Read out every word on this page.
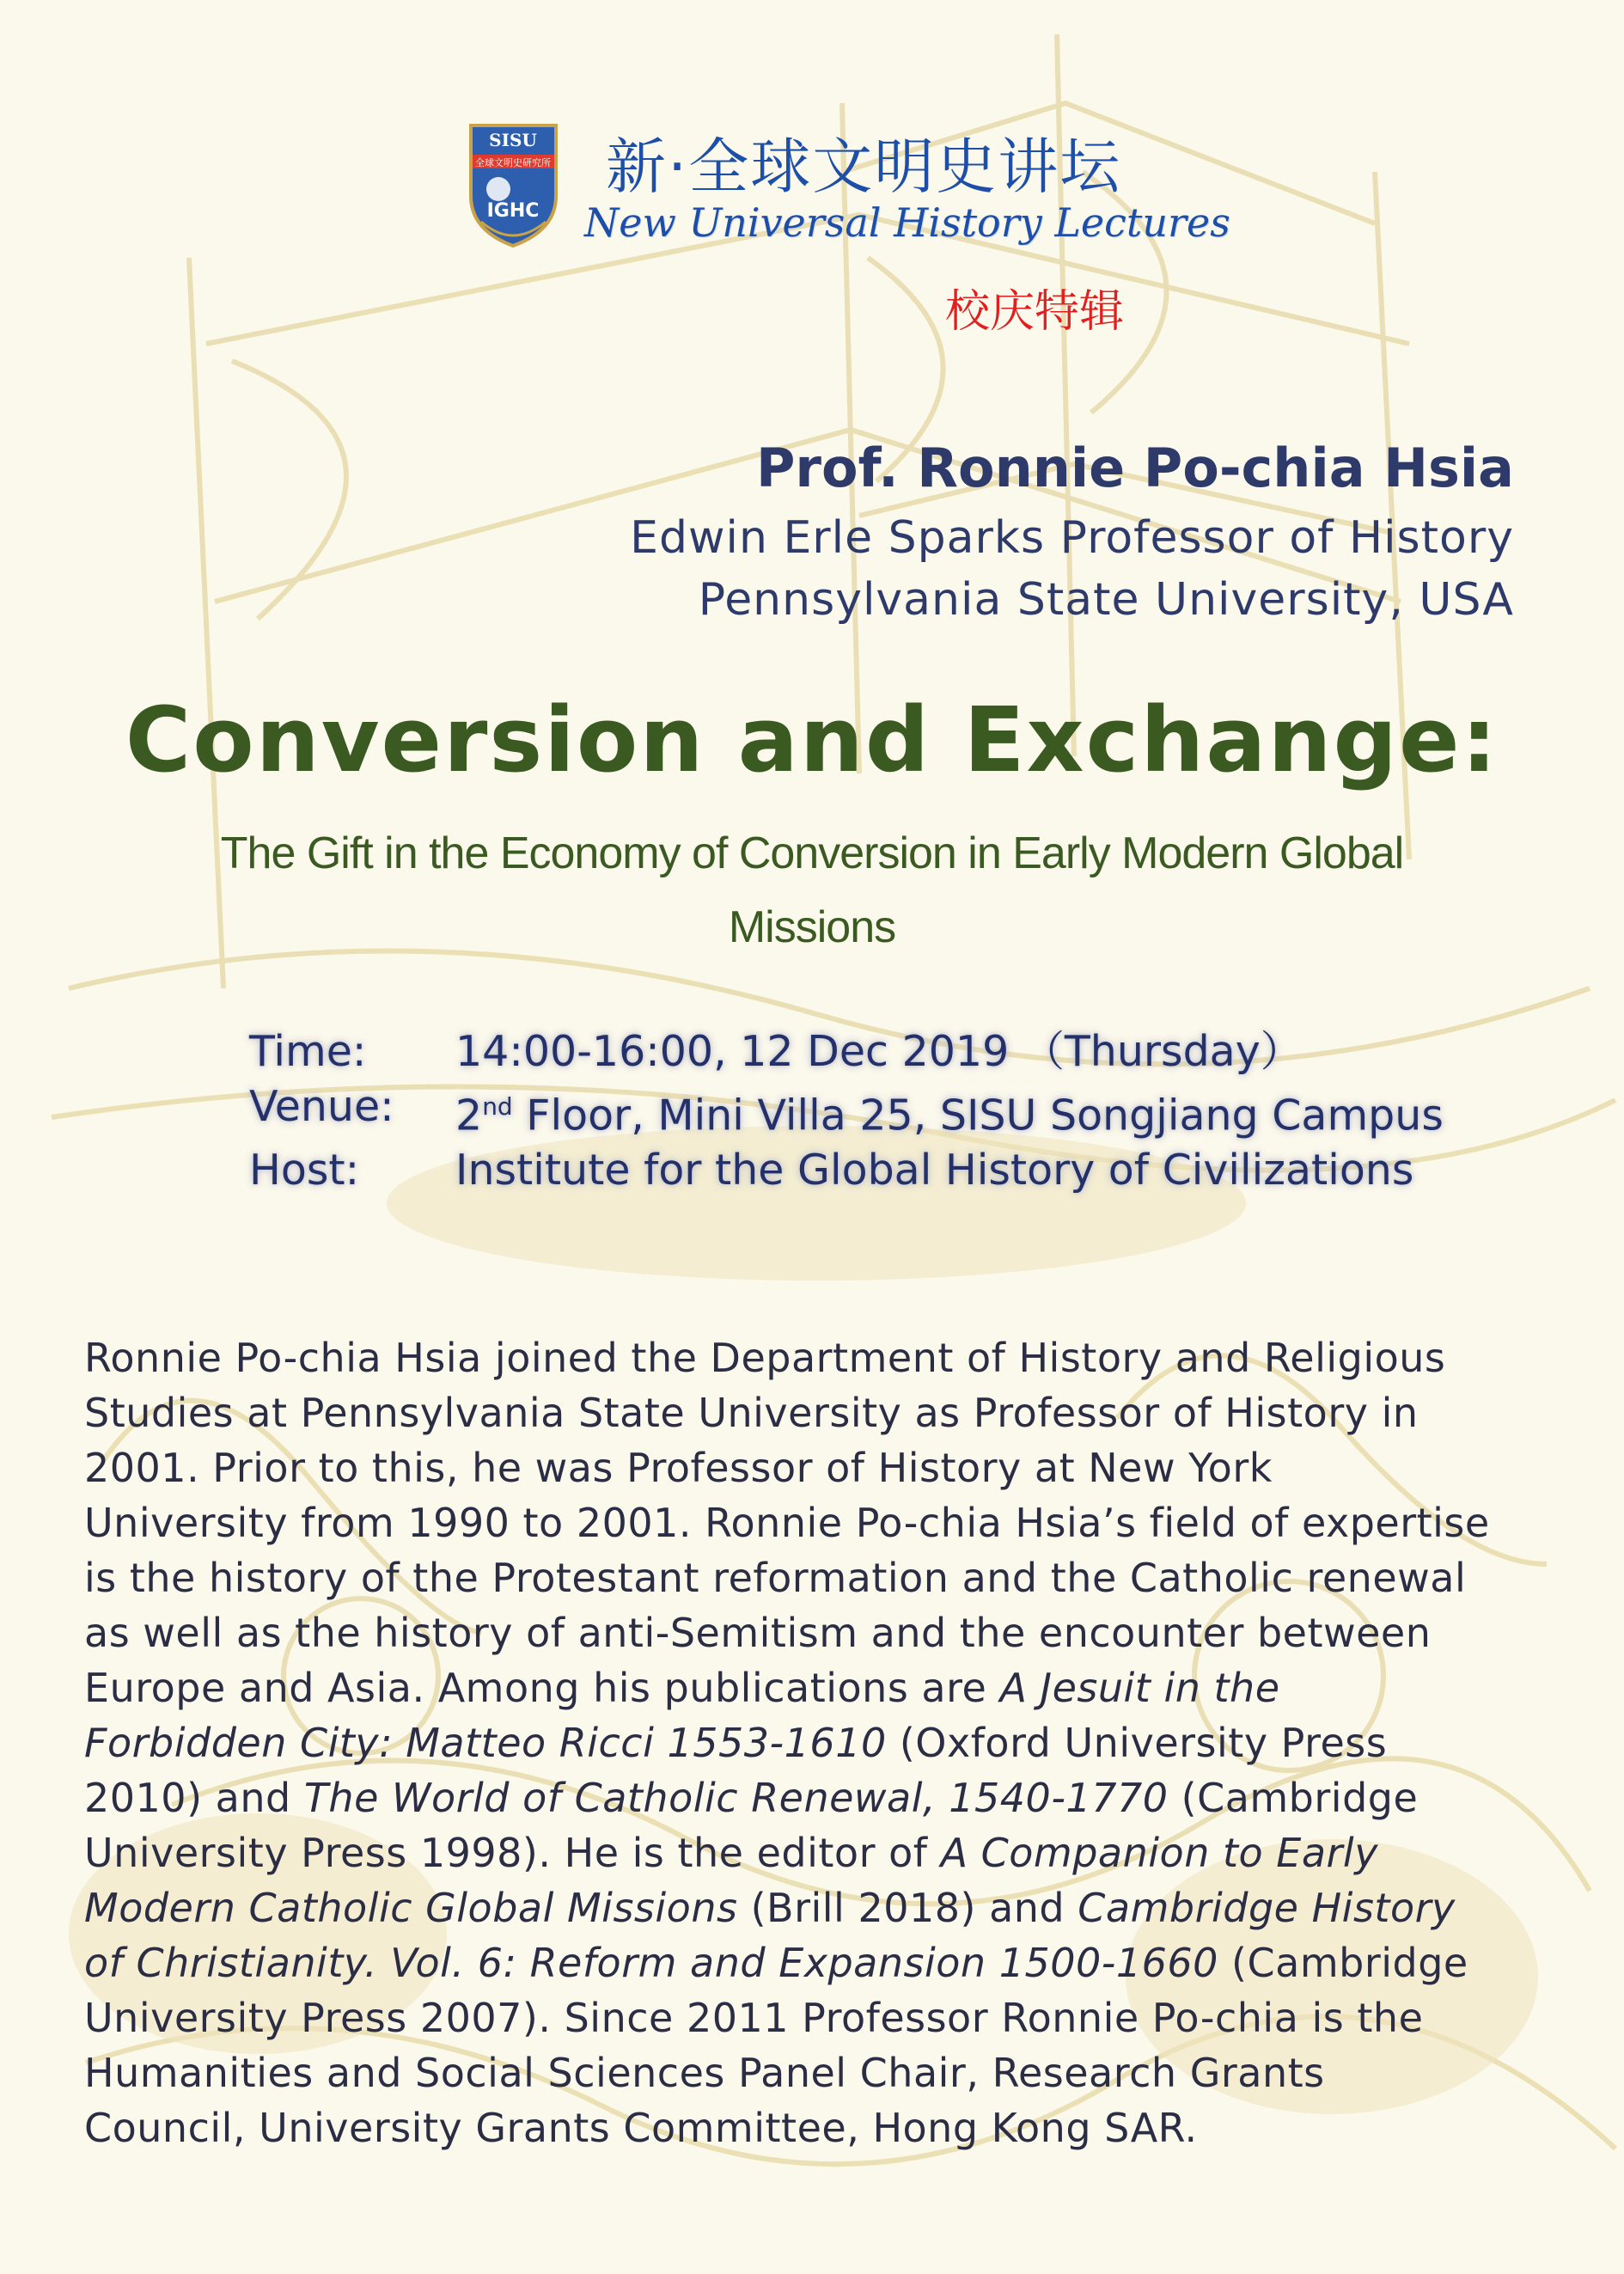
SISU
全球文明史研究所
IGHC
新·全球文明史讲坛
New Universal History Lectures
校庆特辑
Prof. Ronnie Po-chia Hsia
Edwin Erle Sparks Professor of History
Pennsylvania State University, USA
Conversion and Exchange:
The Gift in the Economy of Conversion in Early Modern Global
Missions
Time:	14:00-16:00, 12 Dec 2019 （Thursday）
Venue:	2nd Floor, Mini Villa 25, SISU Songjiang Campus
Host:	Institute for the Global History of Civilizations
Ronnie Po-chia Hsia joined the Department of History and Religious
Studies at Pennsylvania State University as Professor of History in
2001. Prior to this, he was Professor of History at New York
University from 1990 to 2001. Ronnie Po-chia Hsia’s field of expertise
is the history of the Protestant reformation and the Catholic renewal
as well as the history of anti-Semitism and the encounter between
Europe and Asia. Among his publications are A Jesuit in the
Forbidden City: Matteo Ricci 1553-1610 (Oxford University Press
2010) and The World of Catholic Renewal, 1540-1770 (Cambridge
University Press 1998). He is the editor of A Companion to Early
Modern Catholic Global Missions (Brill 2018) and Cambridge History
of Christianity. Vol. 6: Reform and Expansion 1500-1660 (Cambridge
University Press 2007). Since 2011 Professor Ronnie Po-chia is the
Humanities and Social Sciences Panel Chair, Research Grants
Council, University Grants Committee, Hong Kong SAR.
